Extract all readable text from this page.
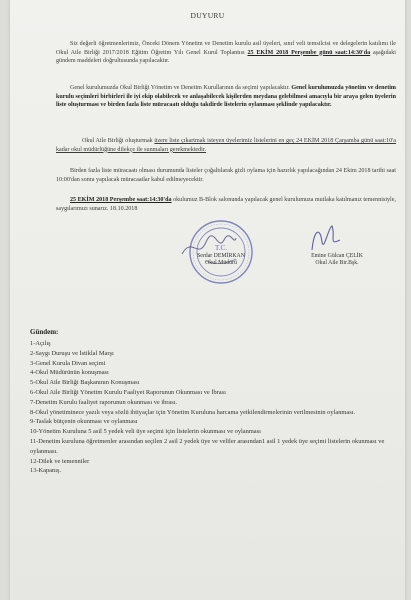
DUYURU
Siz değerli öğretmenlerimiz, Önceki Dönem Yönetim ve Denetim kurulu asil üyeleri, sınıf veli temsilcisi ve delegelerin katılımı ile Okul Aile Birliği 2017/2018 Eğitim Öğretim Yılı Genel Kurul Toplantısı 25 EKİM 2018 Perşembe günü saat:14:30'da aşağıdaki gündem maddeleri doğrultusunda yapılacaktır.
Genel kurulumuzda Okul Birliği Yönetim ve Denetim Kurullarının da seçimi yapılacaktır. Genel kurulumuzda yönetim ve denetim kurulu seçimleri birbirleri ile iyi ekip olabilecek ve anlaşabilecek kişilerden meydana gelebilmesi amacıyla bir araya gelen üyelerin liste oluşturması ve birden fazla liste müracaatı olduğu takdirde listelerin oylanması şeklinde yapılacaktır.
Okul Aile Birliği oluşturmak üzere liste çıkartmak isteyen üyelerimiz listelerini en geç 24 EKİM 2018 Çarşamba günü saat:10'a kadar okul müdürlüğüne dilekçe ile sunmaları gerekmektedir.
Birden fazla liste müracaatı olması durumunda listeler çoğaltılarak gizli oylama için hazırlık yapılacağından 24 Ekim 2018 tarihi saat 10:00'dan sonra yapılacak müracaatlar kabul edilmeyecektir.
25 EKİM 2018 Perşembe saat:14:30'da okulumuz B-Blok salonunda yapılacak genel kurulumuza mutlaka katılmanız temennisiyle, saygılarımızı sunarız. 18.10.2018
T.C.
Serdar DEMİRKAN
Okul Müdürü
Emine Gülcan ÇELİK
Okul Aile Bir.Bşk.
Gündem:
1-Açılış
2-Saygı Duruşu ve İstiklal Marşı
3-Genel Kurula Divan seçimi
4-Okul Müdürünün konuşması
5-Okul Aile Birliği Başkanının Konuşması
6-Okul Aile Birliği Yönetim Kurulu Faaliyet Raporunun Okunması ve İbrası
7-Denetim Kurulu faaliyet raporunun okunması ve ibrası.
8-Okul yönetiminece yazılı veya sözlü ihtiyaçlar için Yönetim Kuruluna harcama yetkilendirmelerinin verilmesinin oylanması.
9-Taslak bütçenin okunması ve oylanması
10-Yönetim Kuruluna 5 asil 5 yedek veli üye seçimi için listelerin okunması ve oylanması
11-Denetim kuruluna öğretmenler arasından seçilen 2 asil 2 yedek üye ve veliler arasından1 asil 1 yedek üye seçimi listelerin okunması ve oylanması.
12-Dilek ve temenniler
13-Kapanış.
